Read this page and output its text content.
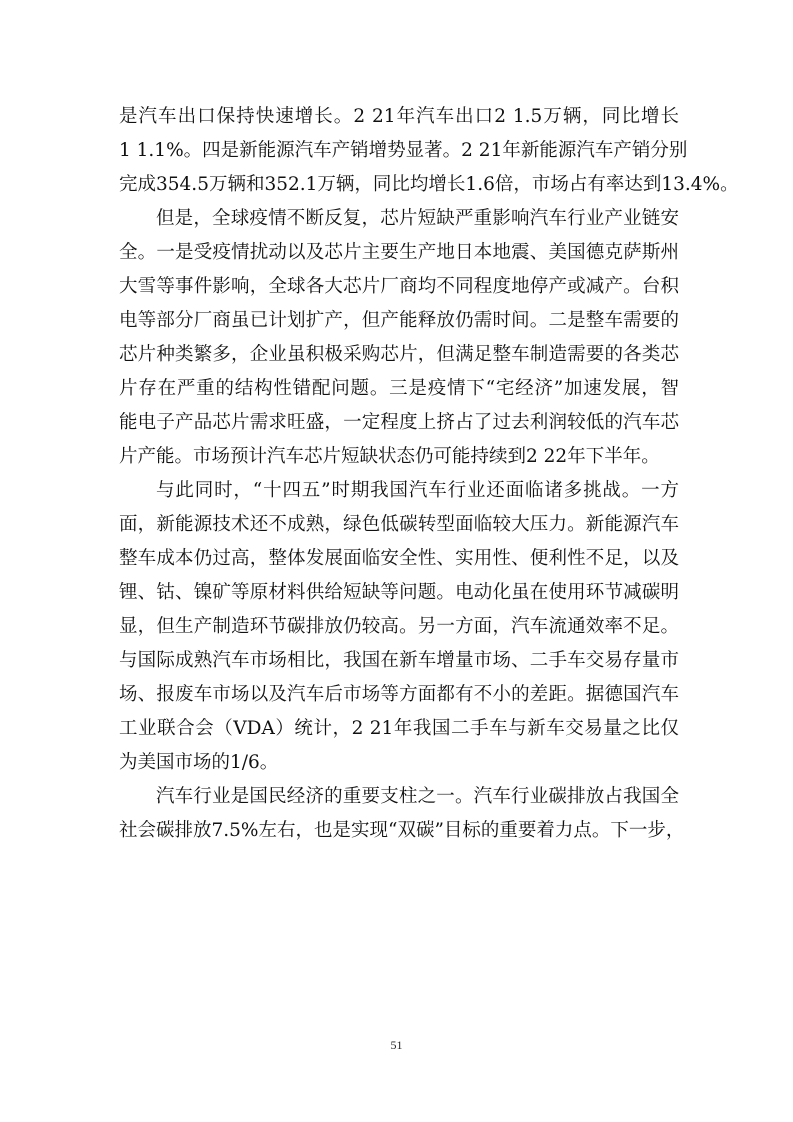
是汽车出口保持快速增长。2 21年汽车出口2 1.5万辆，同比增长
1 1.1%。四是新能源汽车产销增势显著。2 21年新能源汽车产销分别
完成354.5万辆和352.1万辆，同比均增长1.6倍，市场占有率达到13.4%。
但是，全球疫情不断反复，芯片短缺严重影响汽车行业产业链安
全。一是受疫情扰动以及芯片主要生产地日本地震、美国德克萨斯州
大雪等事件影响，全球各大芯片厂商均不同程度地停产或减产。台积
电等部分厂商虽已计划扩产，但产能释放仍需时间。二是整车需要的
芯片种类繁多，企业虽积极采购芯片，但满足整车制造需要的各类芯
片存在严重的结构性错配问题。三是疫情下“宅经济”加速发展，智
能电子产品芯片需求旺盛，一定程度上挤占了过去利润较低的汽车芯
片产能。市场预计汽车芯片短缺状态仍可能持续到2 22年下半年。
与此同时，“十四五”时期我国汽车行业还面临诸多挑战。一方
面，新能源技术还不成熟，绿色低碳转型面临较大压力。新能源汽车
整车成本仍过高，整体发展面临安全性、实用性、便利性不足，以及
锂、钴、镍矿等原材料供给短缺等问题。电动化虽在使用环节减碳明
显，但生产制造环节碳排放仍较高。另一方面，汽车流通效率不足。
与国际成熟汽车市场相比，我国在新车增量市场、二手车交易存量市
场、报废车市场以及汽车后市场等方面都有不小的差距。据德国汽车
工业联合会（VDA）统计，2 21年我国二手车与新车交易量之比仅
为美国市场的1/6。
汽车行业是国民经济的重要支柱之一。汽车行业碳排放占我国全
社会碳排放7.5%左右，也是实现“双碳”目标的重要着力点。下一步，
51
